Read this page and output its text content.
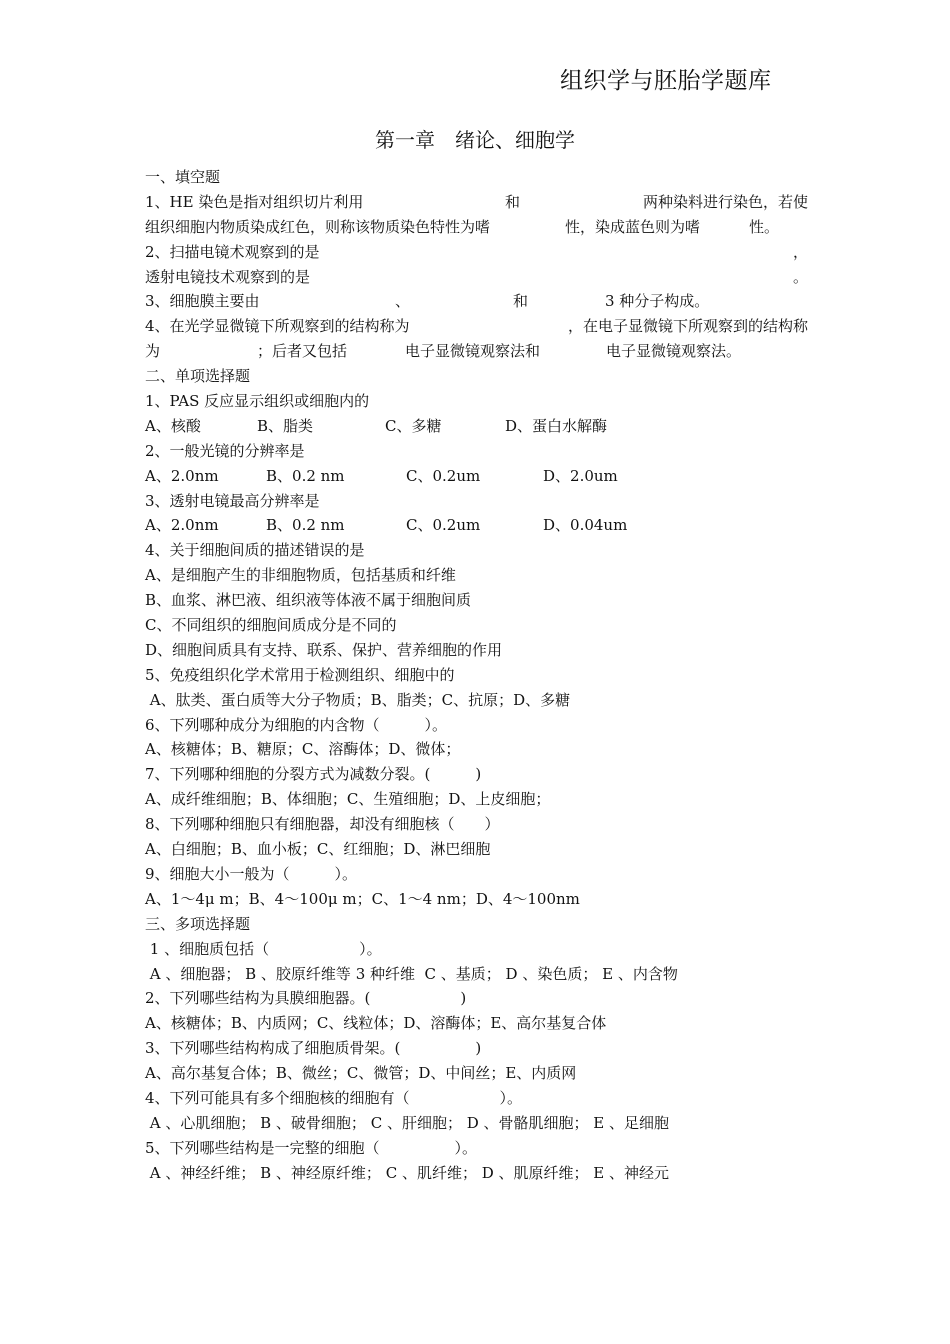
组织学与胚胎学题库
第一章　绪论、细胞学
一、填空题
1、HE 染色是指对组织切片利用	和	两种染料进行染色，若使
组织细胞内物质染成红色，则称该物质染色特性为嗜	性，染成蓝色则为嗜	性。
2、扫描电镜术观察到的是	，
透射电镜技术观察到的是	。
3、细胞膜主要由	、	和	3 种分子构成。
4、在光学显微镜下所观察到的结构称为	，在电子显微镜下所观察到的结构称
为	；后者又包括	电子显微镜观察法和	电子显微镜观察法。
二、单项选择题
1、PAS 反应显示组织或细胞内的
A、核酸	B、脂类	C、多糖	D、蛋白水解酶
2、一般光镜的分辨率是
A、2.0nm	B、0.2 nm	C、0.2um	D、2.0um
3、透射电镜最高分辨率是
A、2.0nm	B、0.2 nm	C、0.2um	D、0.04um
4、关于细胞间质的描述错误的是
A、是细胞产生的非细胞物质，包括基质和纤维
B、血浆、淋巴液、组织液等体液不属于细胞间质
C、不同组织的细胞间质成分是不同的
D、细胞间质具有支持、联系、保护、营养细胞的作用
5、免疫组织化学术常用于检测组织、细胞中的
A、肽类、蛋白质等大分子物质；B、脂类；C、抗原；D、多糖
6、下列哪种成分为细胞的内含物（　　　）。
A、核糖体；B、糖原；C、溶酶体；D、微体；
7、下列哪种细胞的分裂方式为减数分裂。(　　　)
A、成纤维细胞；B、体细胞；C、生殖细胞；D、上皮细胞；
8、下列哪种细胞只有细胞器，却没有细胞核（　　）
A、白细胞；B、血小板；C、红细胞；D、淋巴细胞
9、细胞大小一般为（　　　）。
A、1～4μ m；B、4～100μ m；C、1～4 nm；D、4～100nm
三、多项选择题
1 、细胞质包括（　　　　　　）。
A 、细胞器； B 、胶原纤维等 3 种纤维  C 、基质； D 、染色质； E 、内含物
2、下列哪些结构为具膜细胞器。(　　　　　　)
A、核糖体；B、内质网；C、线粒体；D、溶酶体；E、高尔基复合体
3、下列哪些结构构成了细胞质骨架。(　　　　　)
A、高尔基复合体；B、微丝；C、微管；D、中间丝；E、内质网
4、下列可能具有多个细胞核的细胞有（　　　　　　）。
A 、心肌细胞； B 、破骨细胞； C 、肝细胞； D 、骨骼肌细胞； E 、足细胞
5、下列哪些结构是一完整的细胞（　　　　　）。
A 、神经纤维； B 、神经原纤维； C 、肌纤维； D 、肌原纤维； E 、神经元
